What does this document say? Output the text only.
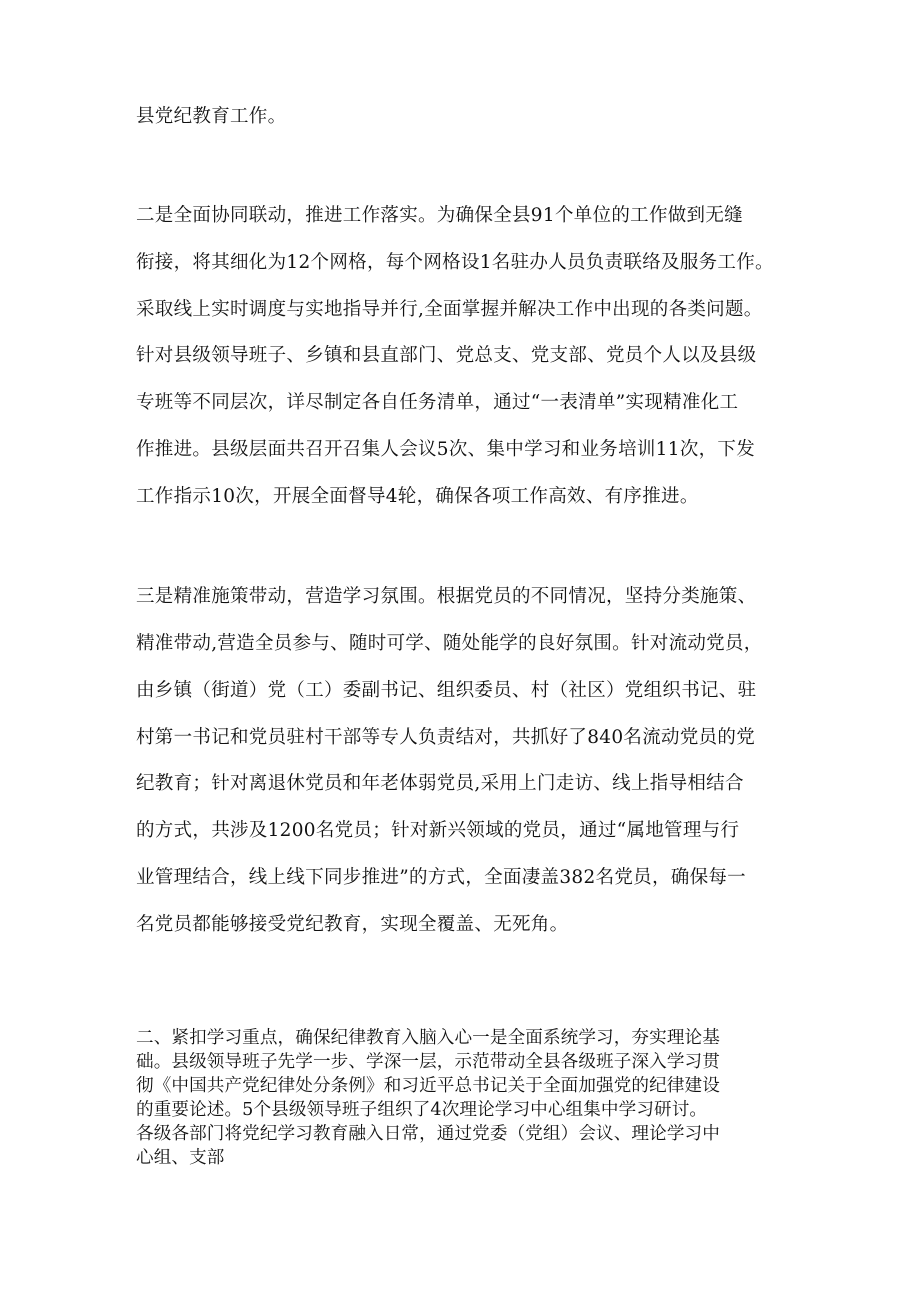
县党纪教育工作。
二是全面协同联动，推进工作落实。为确保全县91个单位的工作做到无缝
衔接，将其细化为12个网格，每个网格设1名驻办人员负责联络及服务工作。
采取线上实时调度与实地指导并行,全面掌握并解决工作中出现的各类问题。
针对县级领导班子、乡镇和县直部门、党总支、党支部、党员个人以及县级
专班等不同层次，详尽制定各自任务清单，通过“一表清单”实现精准化工
作推进。县级层面共召开召集人会议5次、集中学习和业务培训11次，下发
工作指示10次，开展全面督导4轮，确保各项工作高效、有序推进。
三是精准施策带动，营造学习氛围。根据党员的不同情况，坚持分类施策、
精准带动,营造全员参与、随时可学、随处能学的良好氛围。针对流动党员，
由乡镇（街道）党（工）委副书记、组织委员、村（社区）党组织书记、驻
村第一书记和党员驻村干部等专人负责结对，共抓好了840名流动党员的党
纪教育；针对离退休党员和年老体弱党员,采用上门走访、线上指导相结合
的方式，共涉及1200名党员；针对新兴领域的党员，通过“属地管理与行
业管理结合，线上线下同步推进”的方式，全面凄盖382名党员，确保每一
名党员都能够接受党纪教育，实现全覆盖、无死角。
二、紧扣学习重点，确保纪律教育入脑入心一是全面系统学习，夯实理论基
础。县级领导班子先学一步、学深一层，示范带动全县各级班子深入学习贯
彻《中国共产党纪律处分条例》和习近平总书记关于全面加强党的纪律建设
的重要论述。5个县级领导班子组织了4次理论学习中心组集中学习研讨。
各级各部门将党纪学习教育融入日常，通过党委（党组）会议、理论学习中
心组、支部
